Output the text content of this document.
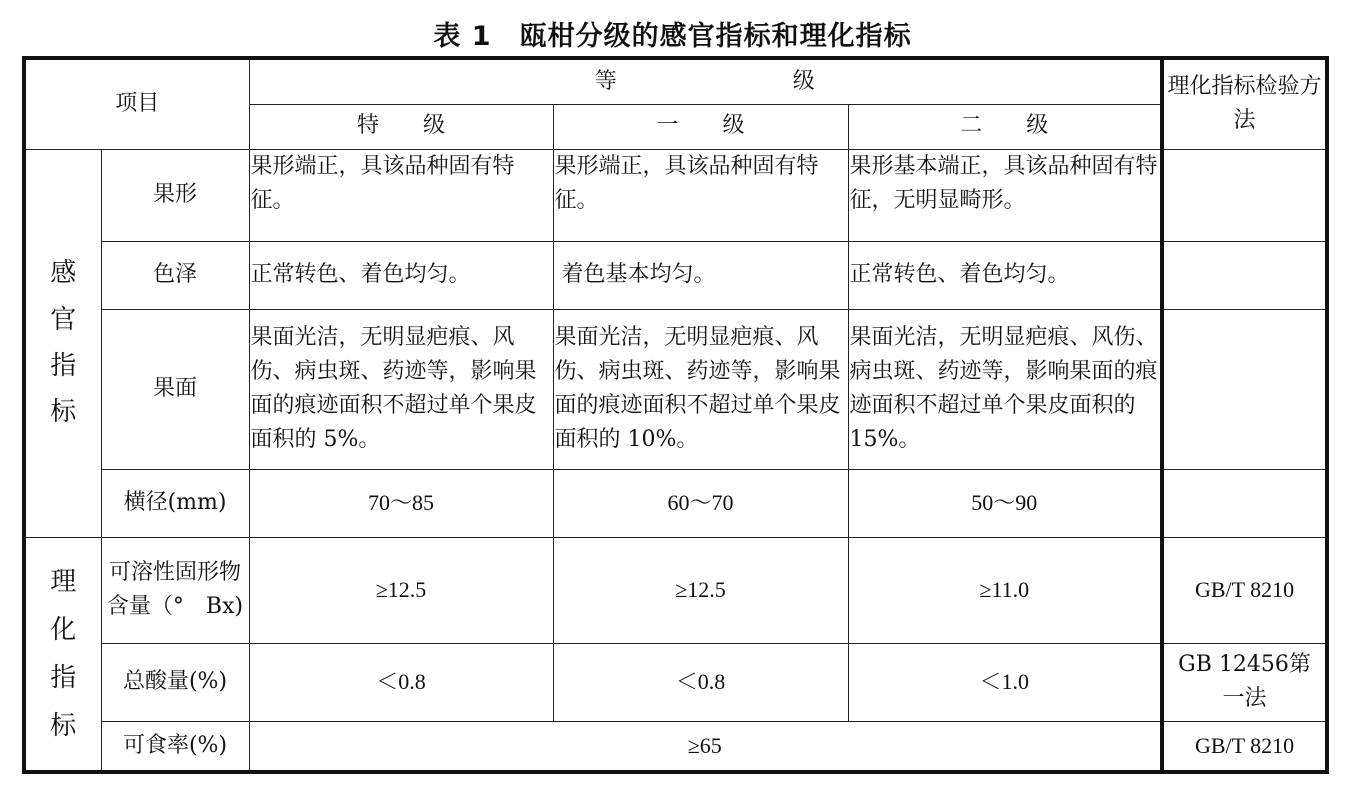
表 1　瓯柑分级的感官指标和理化指标
项目		等　　　　　　　　级			理化指标检验方法
		特　　级	一　　级	二　　级	
感官指标	果形	果形端正，具该品种固有特征。	果形端正，具该品种固有特征。	果形基本端正，具该品种固有特征，无明显畸形。	
	色泽	正常转色、着色均匀。	着色基本均匀。	正常转色、着色均匀。	
	果面	果面光洁，无明显疤痕、风伤、病虫斑、药迹等，影响果面的痕迹面积不超过单个果皮面积的 5%。	果面光洁，无明显疤痕、风伤、病虫斑、药迹等，影响果面的痕迹面积不超过单个果皮面积的 10%。	果面光洁，无明显疤痕、风伤、病虫斑、药迹等，影响果面的痕迹面积不超过单个果皮面积的 15%。	
	横径(mm)	70～85	60～70	50～90	
理化指标	可溶性固形物含量（°　Bx)	≥12.5	≥12.5	≥11.0	GB/T 8210
	总酸量(%)	＜0.8	＜0.8	＜1.0	GB 12456第一法
	可食率(%)	≥65			GB/T 8210
